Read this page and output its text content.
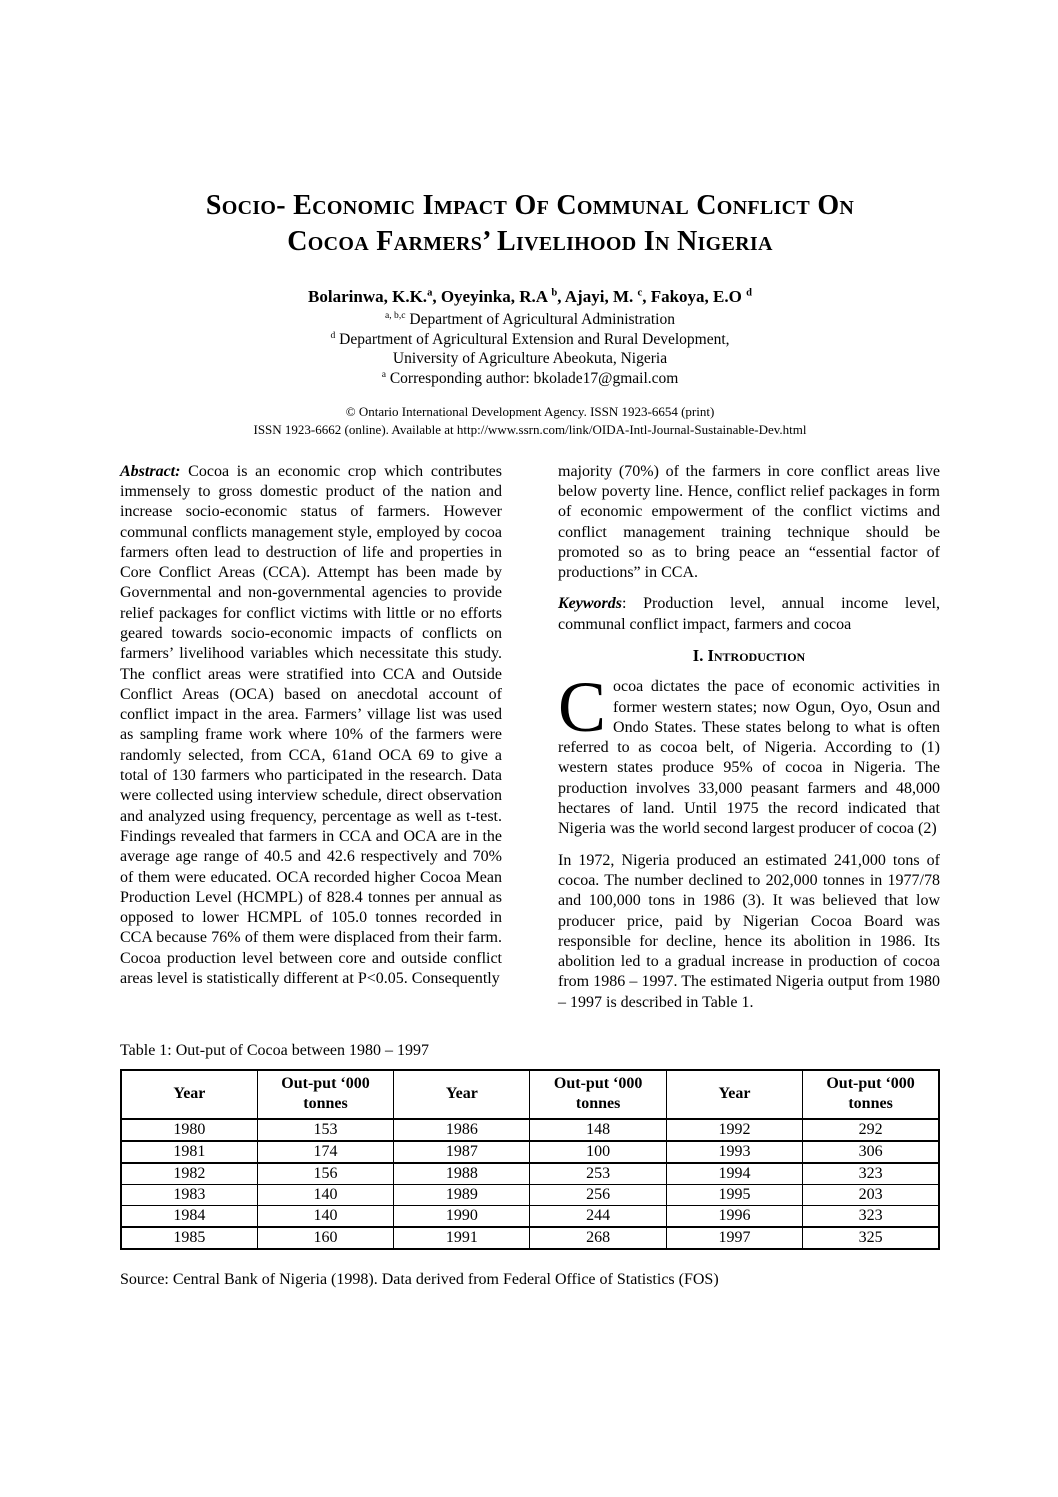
Socio- Economic Impact Of Communal Conflict On
Cocoa Farmers’ Livelihood In Nigeria
Bolarinwa, K.K.$^a$, Oyeyinka, R.A $^b$, Ajayi, M. $^c$, Fakoya, E.O $^d$
$^{a, b,c}$ Department of Agricultural Administration
$^d$ Department of Agricultural Extension and Rural Development,
University of Agriculture Abeokuta, Nigeria
$^a$ Corresponding author: bkolade17@gmail.com
© Ontario International Development Agency. ISSN 1923-6654 (print)
ISSN 1923-6662 (online). Available at http://www.ssrn.com/link/OIDA-Intl-Journal-Sustainable-Dev.html

Abstract: Cocoa is an economic crop which contributes immensely to gross domestic product of the nation and increase socio-economic status of farmers. However communal conflicts management style, employed by cocoa farmers often lead to destruction of life and properties in Core Conflict Areas (CCA). Attempt has been made by Governmental and non-governmental agencies to provide relief packages for conflict victims with little or no efforts geared towards socio-economic impacts of conflicts on farmers’ livelihood variables which necessitate this study. The conflict areas were stratified into CCA and Outside Conflict Areas (OCA) based on anecdotal account of conflict impact in the area. Farmers’ village list was used as sampling frame work where 10% of the farmers were randomly selected, from CCA, 61and OCA 69 to give a total of 130 farmers who participated in the research. Data were collected using interview schedule, direct observation and analyzed using frequency, percentage as well as t-test. Findings revealed that farmers in CCA and OCA are in the average age range of 40.5 and 42.6 respectively and 70% of them were educated. OCA recorded higher Cocoa Mean Production Level (HCMPL) of 828.4 tonnes per annual as opposed to lower HCMPL of 105.0 tonnes recorded in CCA because 76% of them were displaced from their farm. Cocoa production level between core and outside conflict areas level is statistically different at P<0.05. Consequently

majority (70%) of the farmers in core conflict areas live below poverty line. Hence, conflict relief packages in form of economic empowerment of the conflict victims and conflict management training technique should be promoted so as to bring peace an “essential factor of productions” in CCA.

Keywords: Production level, annual income level, communal conflict impact, farmers and cocoa

I. Introduction

Cocoa dictates the pace of economic activities in former western states; now Ogun, Oyo, Osun and Ondo States. These states belong to what is often referred to as cocoa belt, of Nigeria. According to (1) western states produce 95% of cocoa in Nigeria. The production involves 33,000 peasant farmers and 48,000 hectares of land. Until 1975 the record indicated that Nigeria was the world second largest producer of cocoa (2)

In 1972, Nigeria produced an estimated 241,000 tons of cocoa. The number declined to 202,000 tonnes in 1977/78 and 100,000 tons in 1986 (3). It was believed that low producer price, paid by Nigerian Cocoa Board was responsible for decline, hence its abolition in 1986. Its abolition led to a gradual increase in production of cocoa from 1986 – 1997. The estimated Nigeria output from 1980 – 1997 is described in Table 1.

Table 1: Out-put of Cocoa between 1980 – 1997
Year	Out-put ‘000 tonnes	Year	Out-put ‘000 tonnes	Year	Out-put ‘000 tonnes
1980	153	1986	148	1992	292
1981	174	1987	100	1993	306
1982	156	1988	253	1994	323
1983	140	1989	256	1995	203
1984	140	1990	244	1996	323
1985	160	1991	268	1997	325
Source: Central Bank of Nigeria (1998). Data derived from Federal Office of Statistics (FOS)
